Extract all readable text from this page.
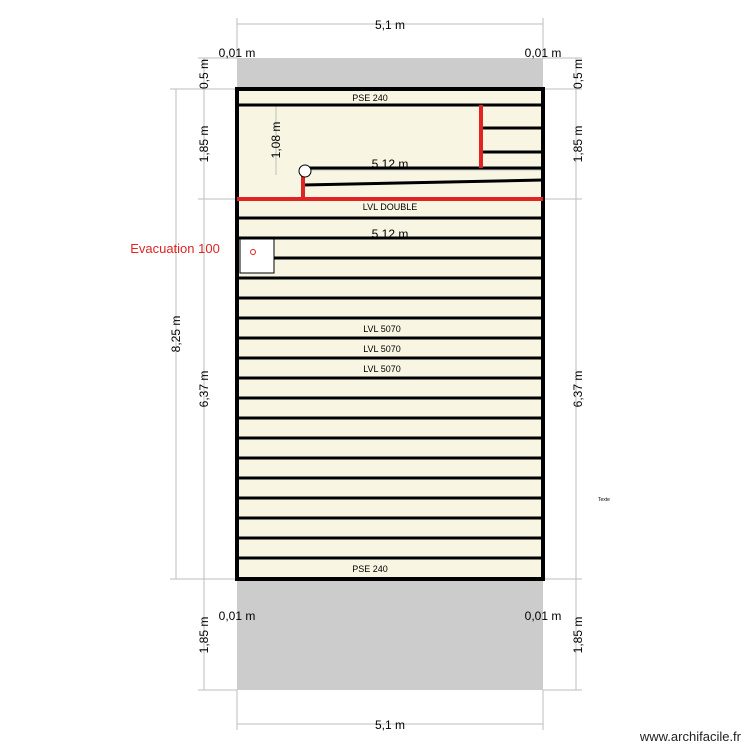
5,1 m
5,1 m
0,01 m	0,01 m
0,01 m	0,01 m
0,5 m	0,5 m
1,85 m	1,85 m
6,37 m	6,37 m
1,85 m	1,85 m
8,25 m
1,08 m
5,12 m
5,12 m
PSE 240
LVL DOUBLE
LVL 5070
LVL 5070
LVL 5070
PSE 240
Evacuation 100
Texte
www.archifacile.fr
